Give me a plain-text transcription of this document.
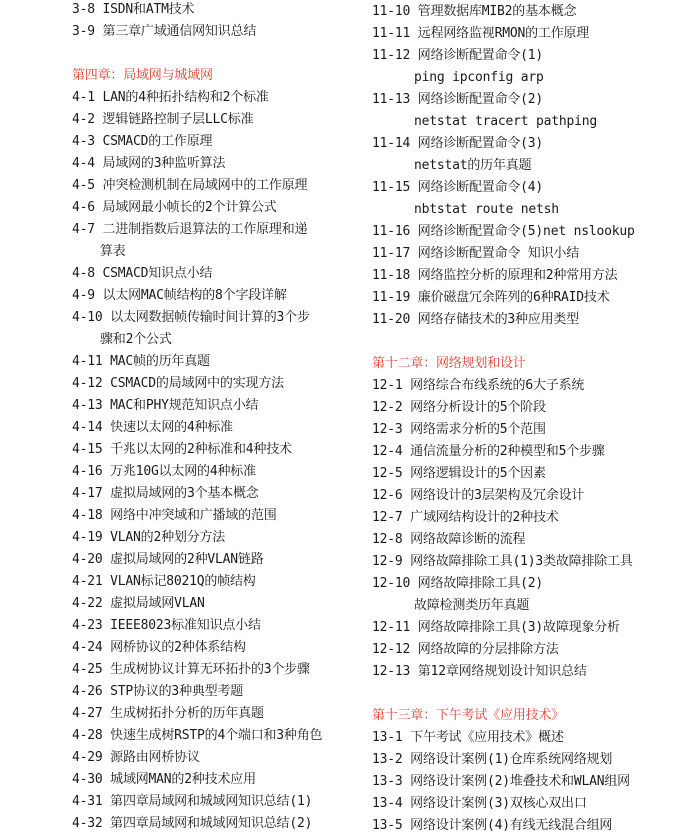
3-8 ISDN和ATM技术
3-9 第三章广域通信网知识总结
第四章：局域网与城域网
4-1 LAN的4种拓扑结构和2个标准
4-2 逻辑链路控制子层LLC标准
4-3 CSMACD的工作原理
4-4 局域网的3种监听算法
4-5 冲突检测机制在局域网中的工作原理
4-6 局域网最小帧长的2个计算公式
4-7 二进制指数后退算法的工作原理和递
算表
4-8 CSMACD知识点小结
4-9 以太网MAC帧结构的8个字段详解
4-10 以太网数据帧传输时间计算的3个步
骤和2个公式
4-11 MAC帧的历年真题
4-12 CSMACD的局域网中的实现方法
4-13 MAC和PHY规范知识点小结
4-14 快速以太网的4种标准
4-15 千兆以太网的2种标准和4种技术
4-16 万兆10G以太网的4种标准
4-17 虚拟局域网的3个基本概念
4-18 网络中冲突域和广播域的范围
4-19 VLAN的2种划分方法
4-20 虚拟局域网的2种VLAN链路
4-21 VLAN标记8021Q的帧结构
4-22 虚拟局域网VLAN
4-23 IEEE8023标准知识点小结
4-24 网桥协议的2种体系结构
4-25 生成树协议计算无环拓扑的3个步骤
4-26 STP协议的3种典型考题
4-27 生成树拓扑分析的历年真题
4-28 快速生成树RSTP的4个端口和3种角色
4-29 源路由网桥协议
4-30 城域网MAN的2种技术应用
4-31 第四章局域网和城域网知识总结(1)
4-32 第四章局域网和城域网知识总结(2)
11-10 管理数据库MIB2的基本概念
11-11 远程网络监视RMON的工作原理
11-12 网络诊断配置命令(1)
ping ipconfig arp
11-13 网络诊断配置命令(2)
netstat tracert pathping
11-14 网络诊断配置命令(3)
netstat的历年真题
11-15 网络诊断配置命令(4)
nbtstat route netsh
11-16 网络诊断配置命令(5)net nslookup
11-17 网络诊断配置命令 知识小结
11-18 网络监控分析的原理和2种常用方法
11-19 廉价磁盘冗余阵列的6种RAID技术
11-20 网络存储技术的3种应用类型
第十二章：网络规划和设计
12-1 网络综合布线系统的6大子系统
12-2 网络分析设计的5个阶段
12-3 网络需求分析的5个范围
12-4 通信流量分析的2种模型和5个步骤
12-5 网络逻辑设计的5个因素
12-6 网络设计的3层架构及冗余设计
12-7 广域网结构设计的2种技术
12-8 网络故障诊断的流程
12-9 网络故障排除工具(1)3类故障排除工具
12-10 网络故障排除工具(2)
故障检测类历年真题
12-11 网络故障排除工具(3)故障现象分析
12-12 网络故障的分层排除方法
12-13 第12章网络规划设计知识总结
第十三章：下午考试《应用技术》
13-1 下午考试《应用技术》概述
13-2 网络设计案例(1)仓库系统网络规划
13-3 网络设计案例(2)堆叠技术和WLAN组网
13-4 网络设计案例(3)双核心双出口
13-5 网络设计案例(4)有线无线混合组网
